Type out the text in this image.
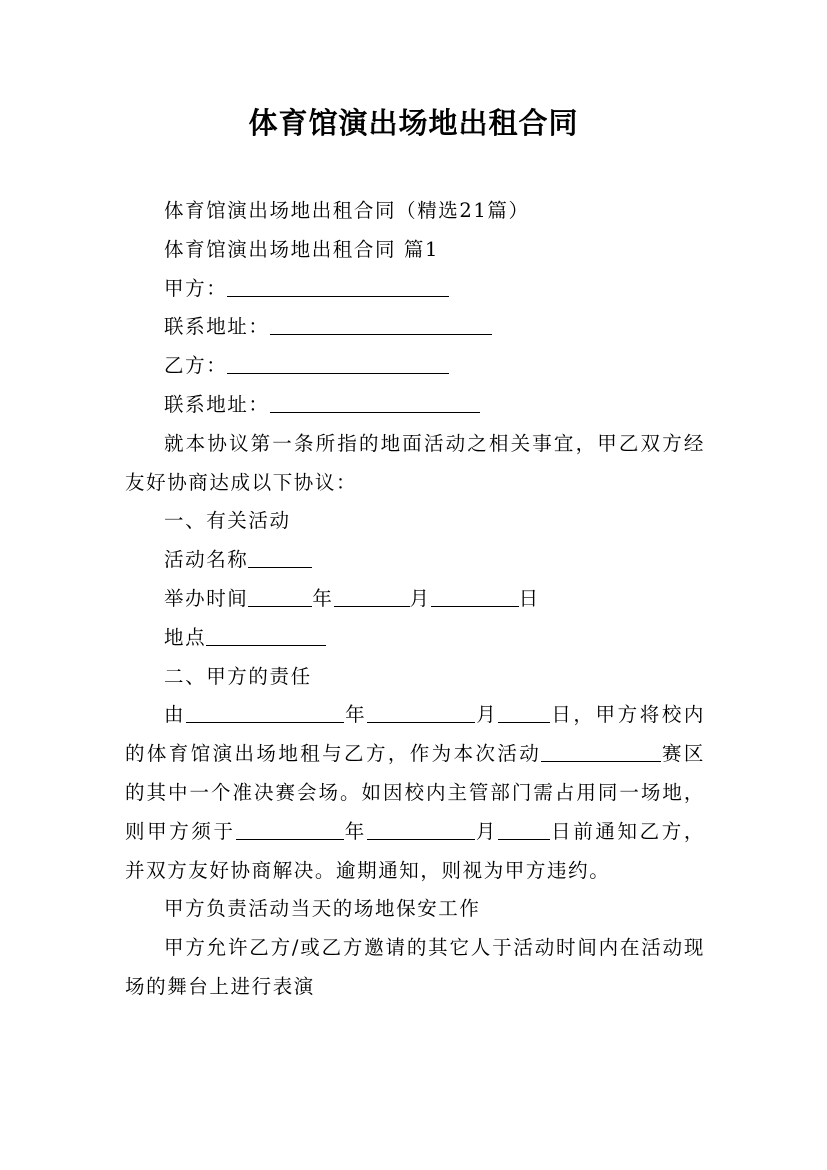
体育馆演出场地出租合同

体育馆演出场地出租合同（精选21篇）

体育馆演出场地出租合同 篇1

甲方：

联系地址：

乙方：

联系地址：

就本协议第一条所指的地面活动之相关事宜，甲乙双方经友好协商达成以下协议：

一、有关活动

活动名称

举办时间	年	月	日

地点

二、甲方的责任

由	年	月	日，甲方将校内的体育馆演出场地租与乙方，作为本次活动	赛区的其中一个准决赛会场。如因校内主管部门需占用同一场地，则甲方须于	年	月	日前通知乙方，并双方友好协商解决。逾期通知，则视为甲方违约。

甲方负责活动当天的场地保安工作

甲方允许乙方/或乙方邀请的其它人于活动时间内在活动现场的舞台上进行表演
